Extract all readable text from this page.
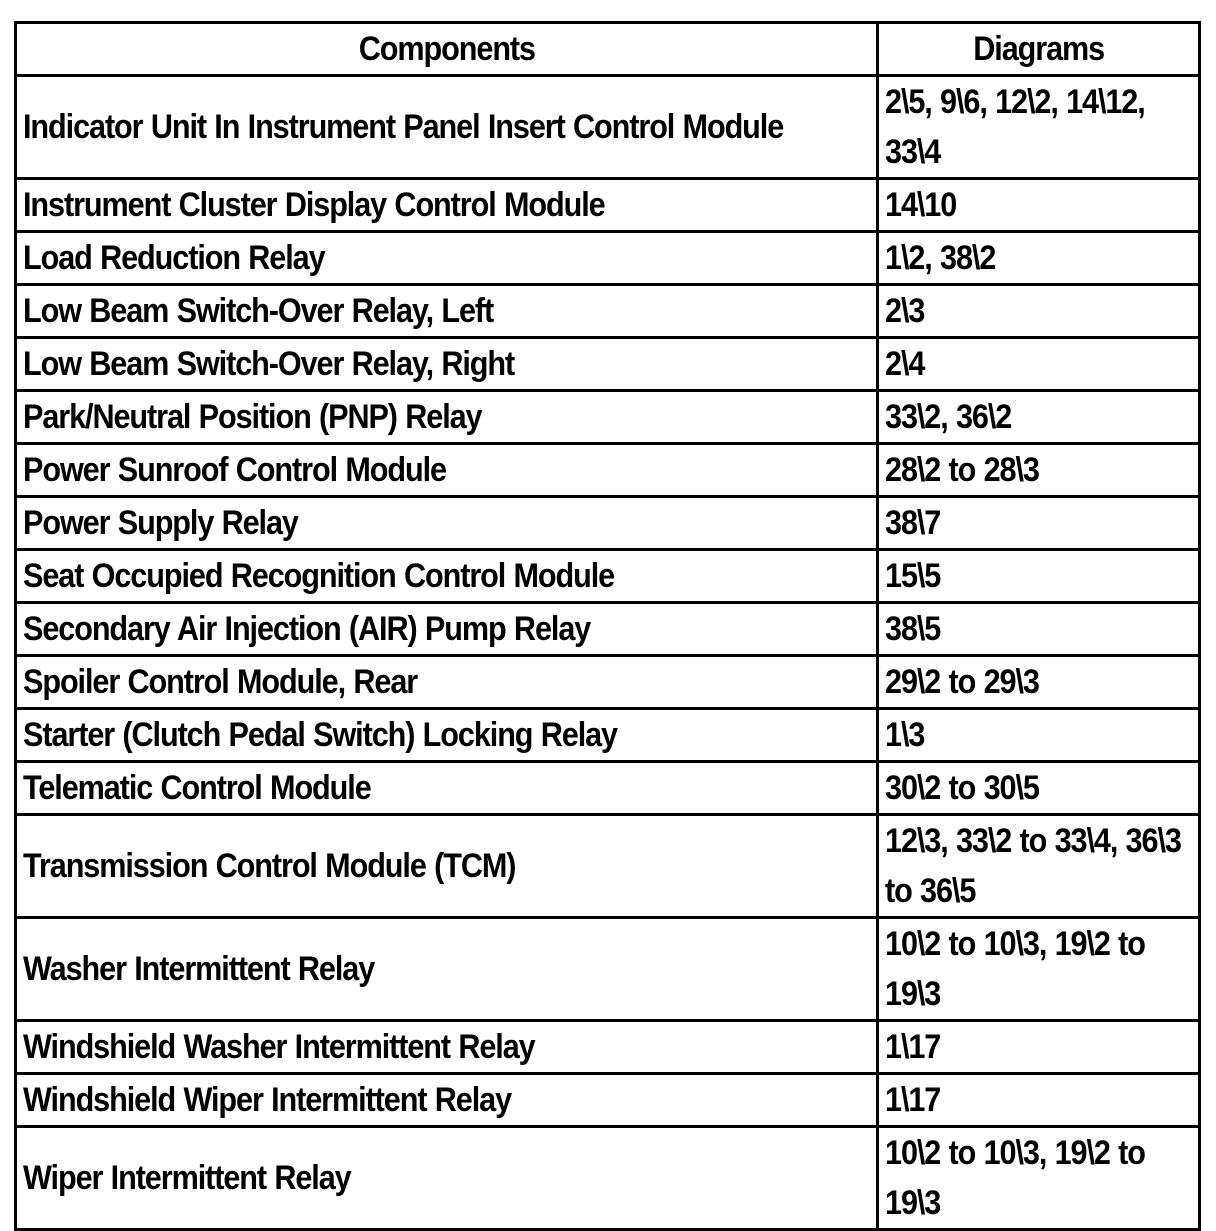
Components	Diagrams
Indicator Unit In Instrument Panel Insert Control Module	2\5, 9\6, 12\2, 14\12, 33\4
Instrument Cluster Display Control Module	14\10
Load Reduction Relay	1\2, 38\2
Low Beam Switch-Over Relay, Left	2\3
Low Beam Switch-Over Relay, Right	2\4
Park/Neutral Position (PNP) Relay	33\2, 36\2
Power Sunroof Control Module	28\2 to 28\3
Power Supply Relay	38\7
Seat Occupied Recognition Control Module	15\5
Secondary Air Injection (AIR) Pump Relay	38\5
Spoiler Control Module, Rear	29\2 to 29\3
Starter (Clutch Pedal Switch) Locking Relay	1\3
Telematic Control Module	30\2 to 30\5
Transmission Control Module (TCM)	12\3, 33\2 to 33\4, 36\3 to 36\5
Washer Intermittent Relay	10\2 to 10\3, 19\2 to 19\3
Windshield Washer Intermittent Relay	1\17
Windshield Wiper Intermittent Relay	1\17
Wiper Intermittent Relay	10\2 to 10\3, 19\2 to 19\3
